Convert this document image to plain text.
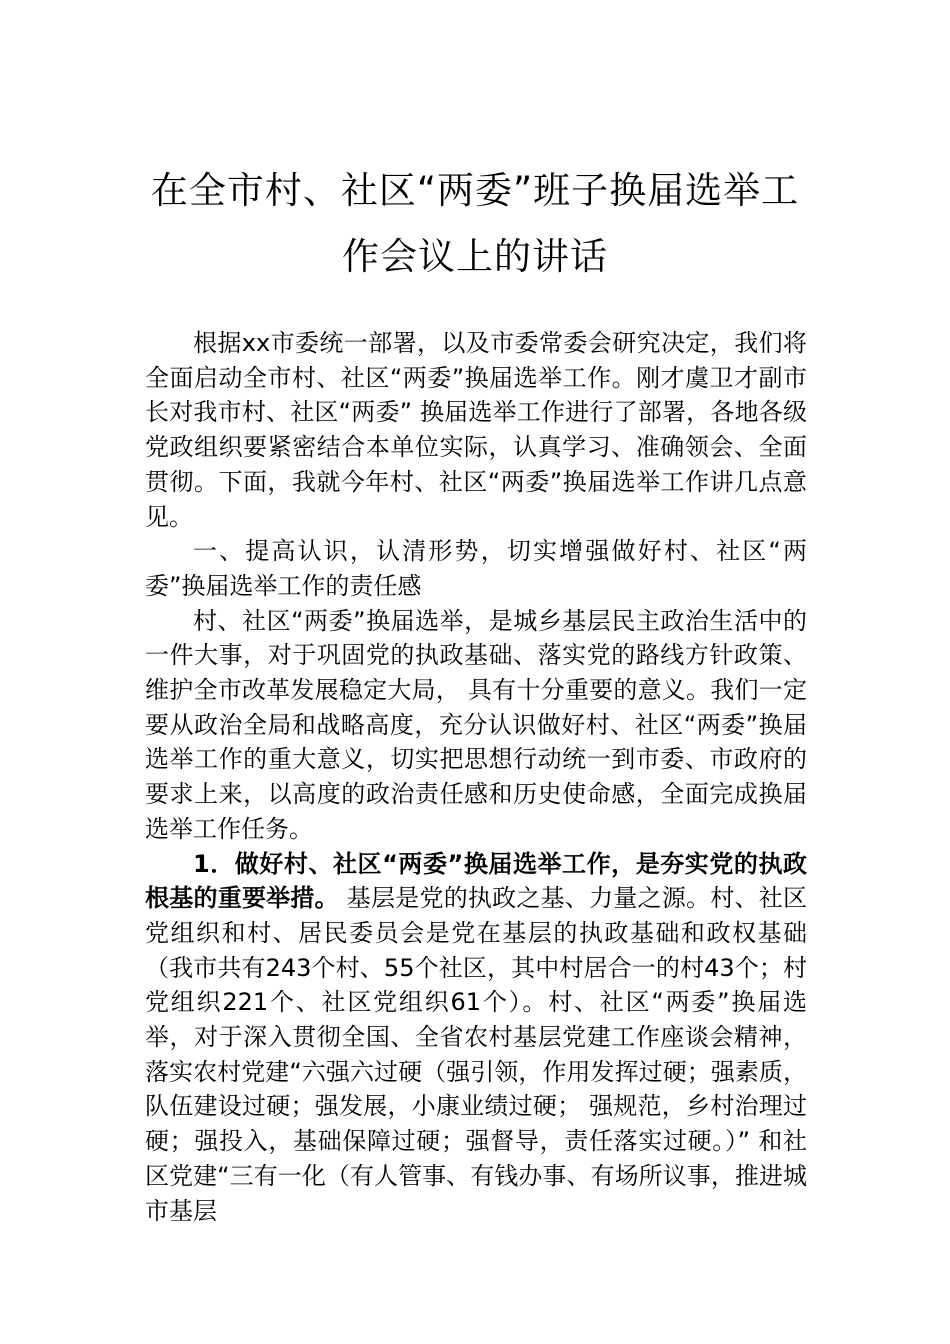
在全市村、社区“两委”班子换届选举工作会议上的讲话

根据xx市委统一部署，以及市委常委会研究决定，我们将全面启动全市村、社区“两委”换届选举工作。刚才虞卫才副市长对我市村、社区“两委” 换届选举工作进行了部署，各地各级党政组织要紧密结合本单位实际，认真学习、准确领会、全面贯彻。下面，我就今年村、社区“两委”换届选举工作讲几点意见。

一、提高认识，认清形势，切实增强做好村、社区“两委”换届选举工作的责任感

村、社区“两委”换届选举，是城乡基层民主政治生活中的一件大事，对于巩固党的执政基础、落实党的路线方针政策、维护全市改革发展稳定大局， 具有十分重要的意义。我们一定要从政治全局和战略高度，充分认识做好村、社区“两委”换届选举工作的重大意义，切实把思想行动统一到市委、市政府的要求上来，以高度的政治责任感和历史使命感，全面完成换届选举工作任务。

1．做好村、社区“两委”换届选举工作，是夯实党的执政根基的重要举措。 基层是党的执政之基、力量之源。村、社区党组织和村、居民委员会是党在基层的执政基础和政权基础（我市共有243个村、55个社区，其中村居合一的村43个；村党组织221个、社区党组织61个）。村、社区“两委”换届选举，对于深入贯彻全国、全省农村基层党建工作座谈会精神，落实农村党建“六强六过硬（强引领，作用发挥过硬；强素质，队伍建设过硬；强发展，小康业绩过硬； 强规范，乡村治理过硬；强投入，基础保障过硬；强督导，责任落实过硬。）” 和社区党建“三有一化（有人管事、有钱办事、有场所议事，推进城市基层
